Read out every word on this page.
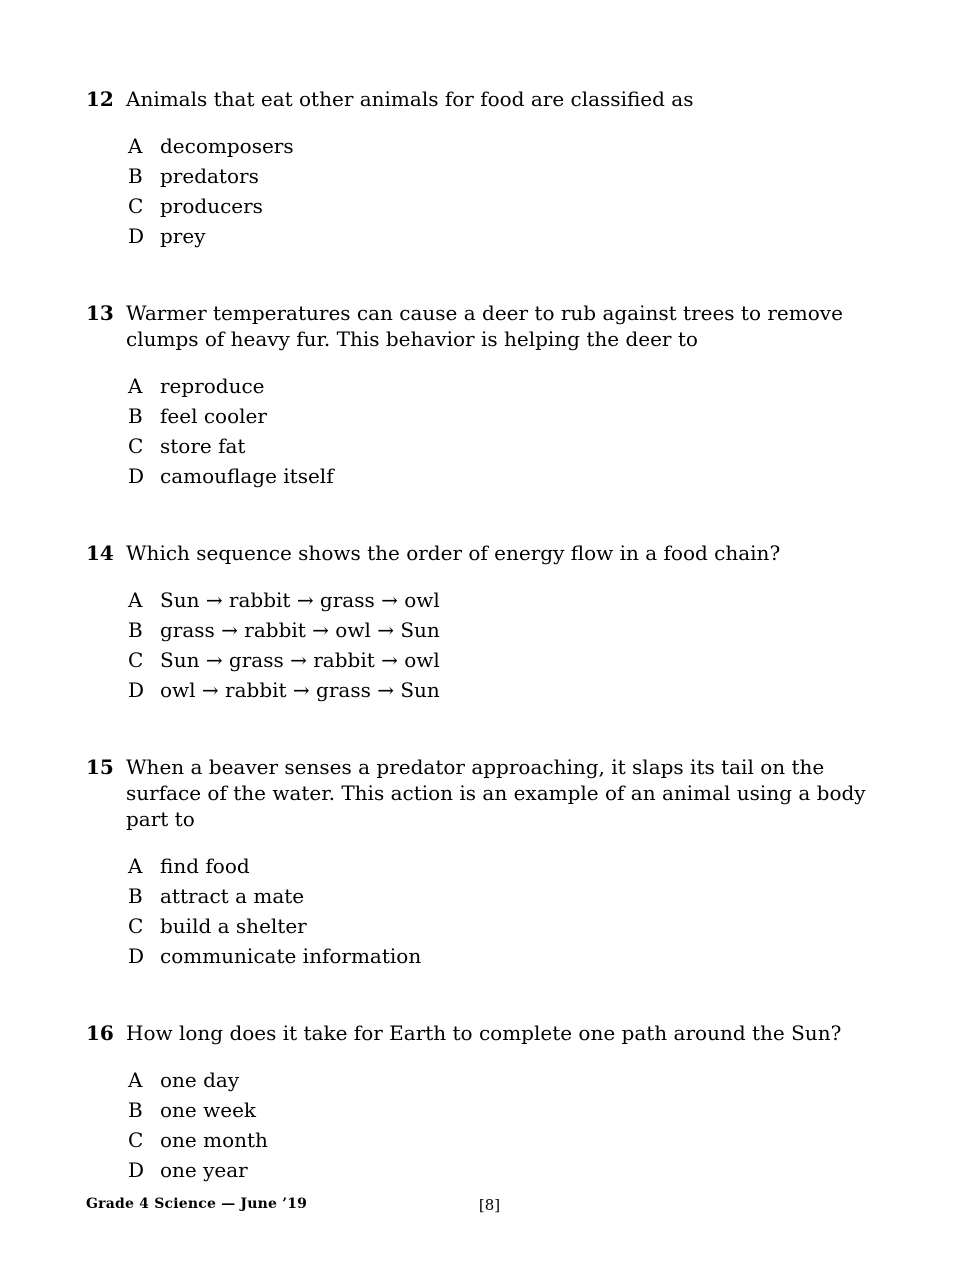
12 Animals that eat other animals for food are classified as
A decomposers
B predators
C producers
D prey
13 Warmer temperatures can cause a deer to rub against trees to remove clumps of heavy fur. This behavior is helping the deer to
A reproduce
B feel cooler
C store fat
D camouflage itself
14 Which sequence shows the order of energy flow in a food chain?
A Sun → rabbit → grass → owl
B grass → rabbit → owl → Sun
C Sun → grass → rabbit → owl
D owl → rabbit → grass → Sun
15 When a beaver senses a predator approaching, it slaps its tail on the surface of the water. This action is an example of an animal using a body part to
A find food
B attract a mate
C build a shelter
D communicate information
16 How long does it take for Earth to complete one path around the Sun?
A one day
B one week
C one month
D one year
Grade 4 Science — June ’19	[8]
